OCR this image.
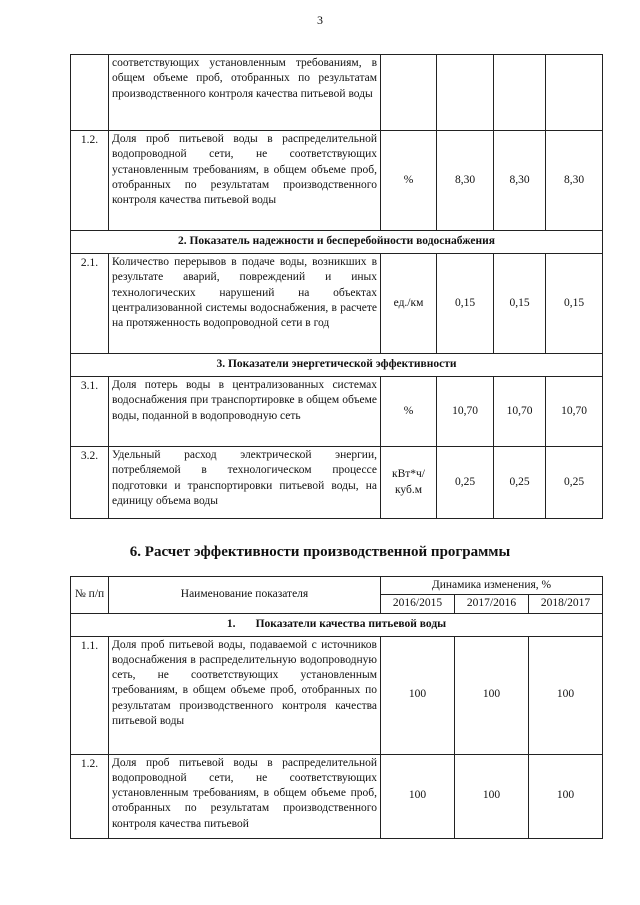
3
	соответствующих установленным требованиям, в общем объеме проб, отобранных по результатам производственного контроля качества питьевой воды				
1.2.	Доля проб питьевой воды в распределительной водопроводной сети, не соответствующих установленным требованиям, в общем объеме проб, отобранных по результатам производственного контроля качества питьевой воды	%	8,30	8,30	8,30
2. Показатель надежности и бесперебойности водоснабжения					
2.1.	Количество перерывов в подаче воды, возникших в результате аварий, повреждений и иных технологических нарушений на объектах централизованной системы водоснабжения, в расчете на протяженность водопроводной сети в год	ед./км	0,15	0,15	0,15
3. Показатели энергетической эффективности					
3.1.	Доля потерь воды в централизованных системах водоснабжения при транспортировке в общем объеме воды, поданной в водопроводную сеть	%	10,70	10,70	10,70
3.2.	Удельный расход электрической энергии, потребляемой в технологическом процессе подготовки и транспортировки питьевой воды, на единицу объема воды	кВт*ч/ куб.м	0,25	0,25	0,25
6. Расчет эффективности производственной программы
№ п/п	Наименование показателя	Динамика изменения, %		
		2016/2015	2017/2016	2018/2017
1. Показатели качества питьевой воды				
1.1.	Доля проб питьевой воды, подаваемой с источников водоснабжения в распределительную водопроводную сеть, не соответствующих установленным требованиям, в общем объеме проб, отобранных по результатам производственного контроля качества питьевой воды	100	100	100
1.2.	Доля проб питьевой воды в распределительной водопроводной сети, не соответствующих установленным требованиям, в общем объеме проб, отобранных по результатам производственного контроля качества питьевой	100	100	100
